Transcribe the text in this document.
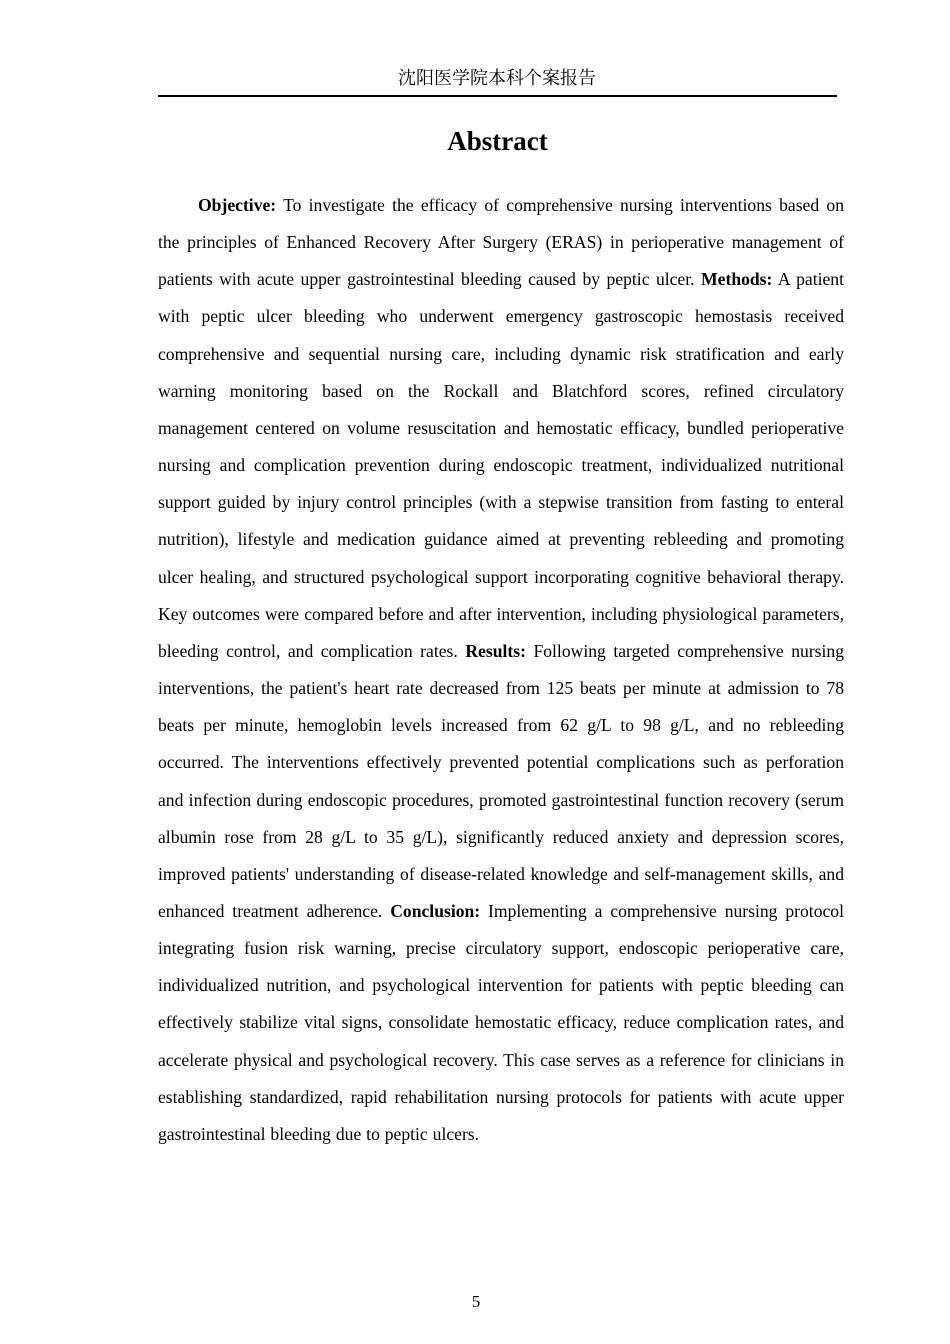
沈阳医学院本科个案报告
Abstract

Objective: To investigate the efficacy of comprehensive nursing interventions based on the principles of Enhanced Recovery After Surgery (ERAS) in perioperative management of patients with acute upper gastrointestinal bleeding caused by peptic ulcer. Methods: A patient with peptic ulcer bleeding who underwent emergency gastroscopic hemostasis received comprehensive and sequential nursing care, including dynamic risk stratification and early warning monitoring based on the Rockall and Blatchford scores, refined circulatory management centered on volume resuscitation and hemostatic efficacy, bundled perioperative nursing and complication prevention during endoscopic treatment, individualized nutritional support guided by injury control principles (with a stepwise transition from fasting to enteral nutrition), lifestyle and medication guidance aimed at preventing rebleeding and promoting ulcer healing, and structured psychological support incorporating cognitive behavioral therapy. Key outcomes were compared before and after intervention, including physiological parameters, bleeding control, and complication rates. Results: Following targeted comprehensive nursing interventions, the patient's heart rate decreased from 125 beats per minute at admission to 78 beats per minute, hemoglobin levels increased from 62 g/L to 98 g/L, and no rebleeding occurred. The interventions effectively prevented potential complications such as perforation and infection during endoscopic procedures, promoted gastrointestinal function recovery (serum albumin rose from 28 g/L to 35 g/L), significantly reduced anxiety and depression scores, improved patients' understanding of disease-related knowledge and self-management skills, and enhanced treatment adherence. Conclusion: Implementing a comprehensive nursing protocol integrating fusion risk warning, precise circulatory support, endoscopic perioperative care, individualized nutrition, and psychological intervention for patients with peptic bleeding can effectively stabilize vital signs, consolidate hemostatic efficacy, reduce complication rates, and accelerate physical and psychological recovery. This case serves as a reference for clinicians in establishing standardized, rapid rehabilitation nursing protocols for patients with acute upper gastrointestinal bleeding due to peptic ulcers.

5
